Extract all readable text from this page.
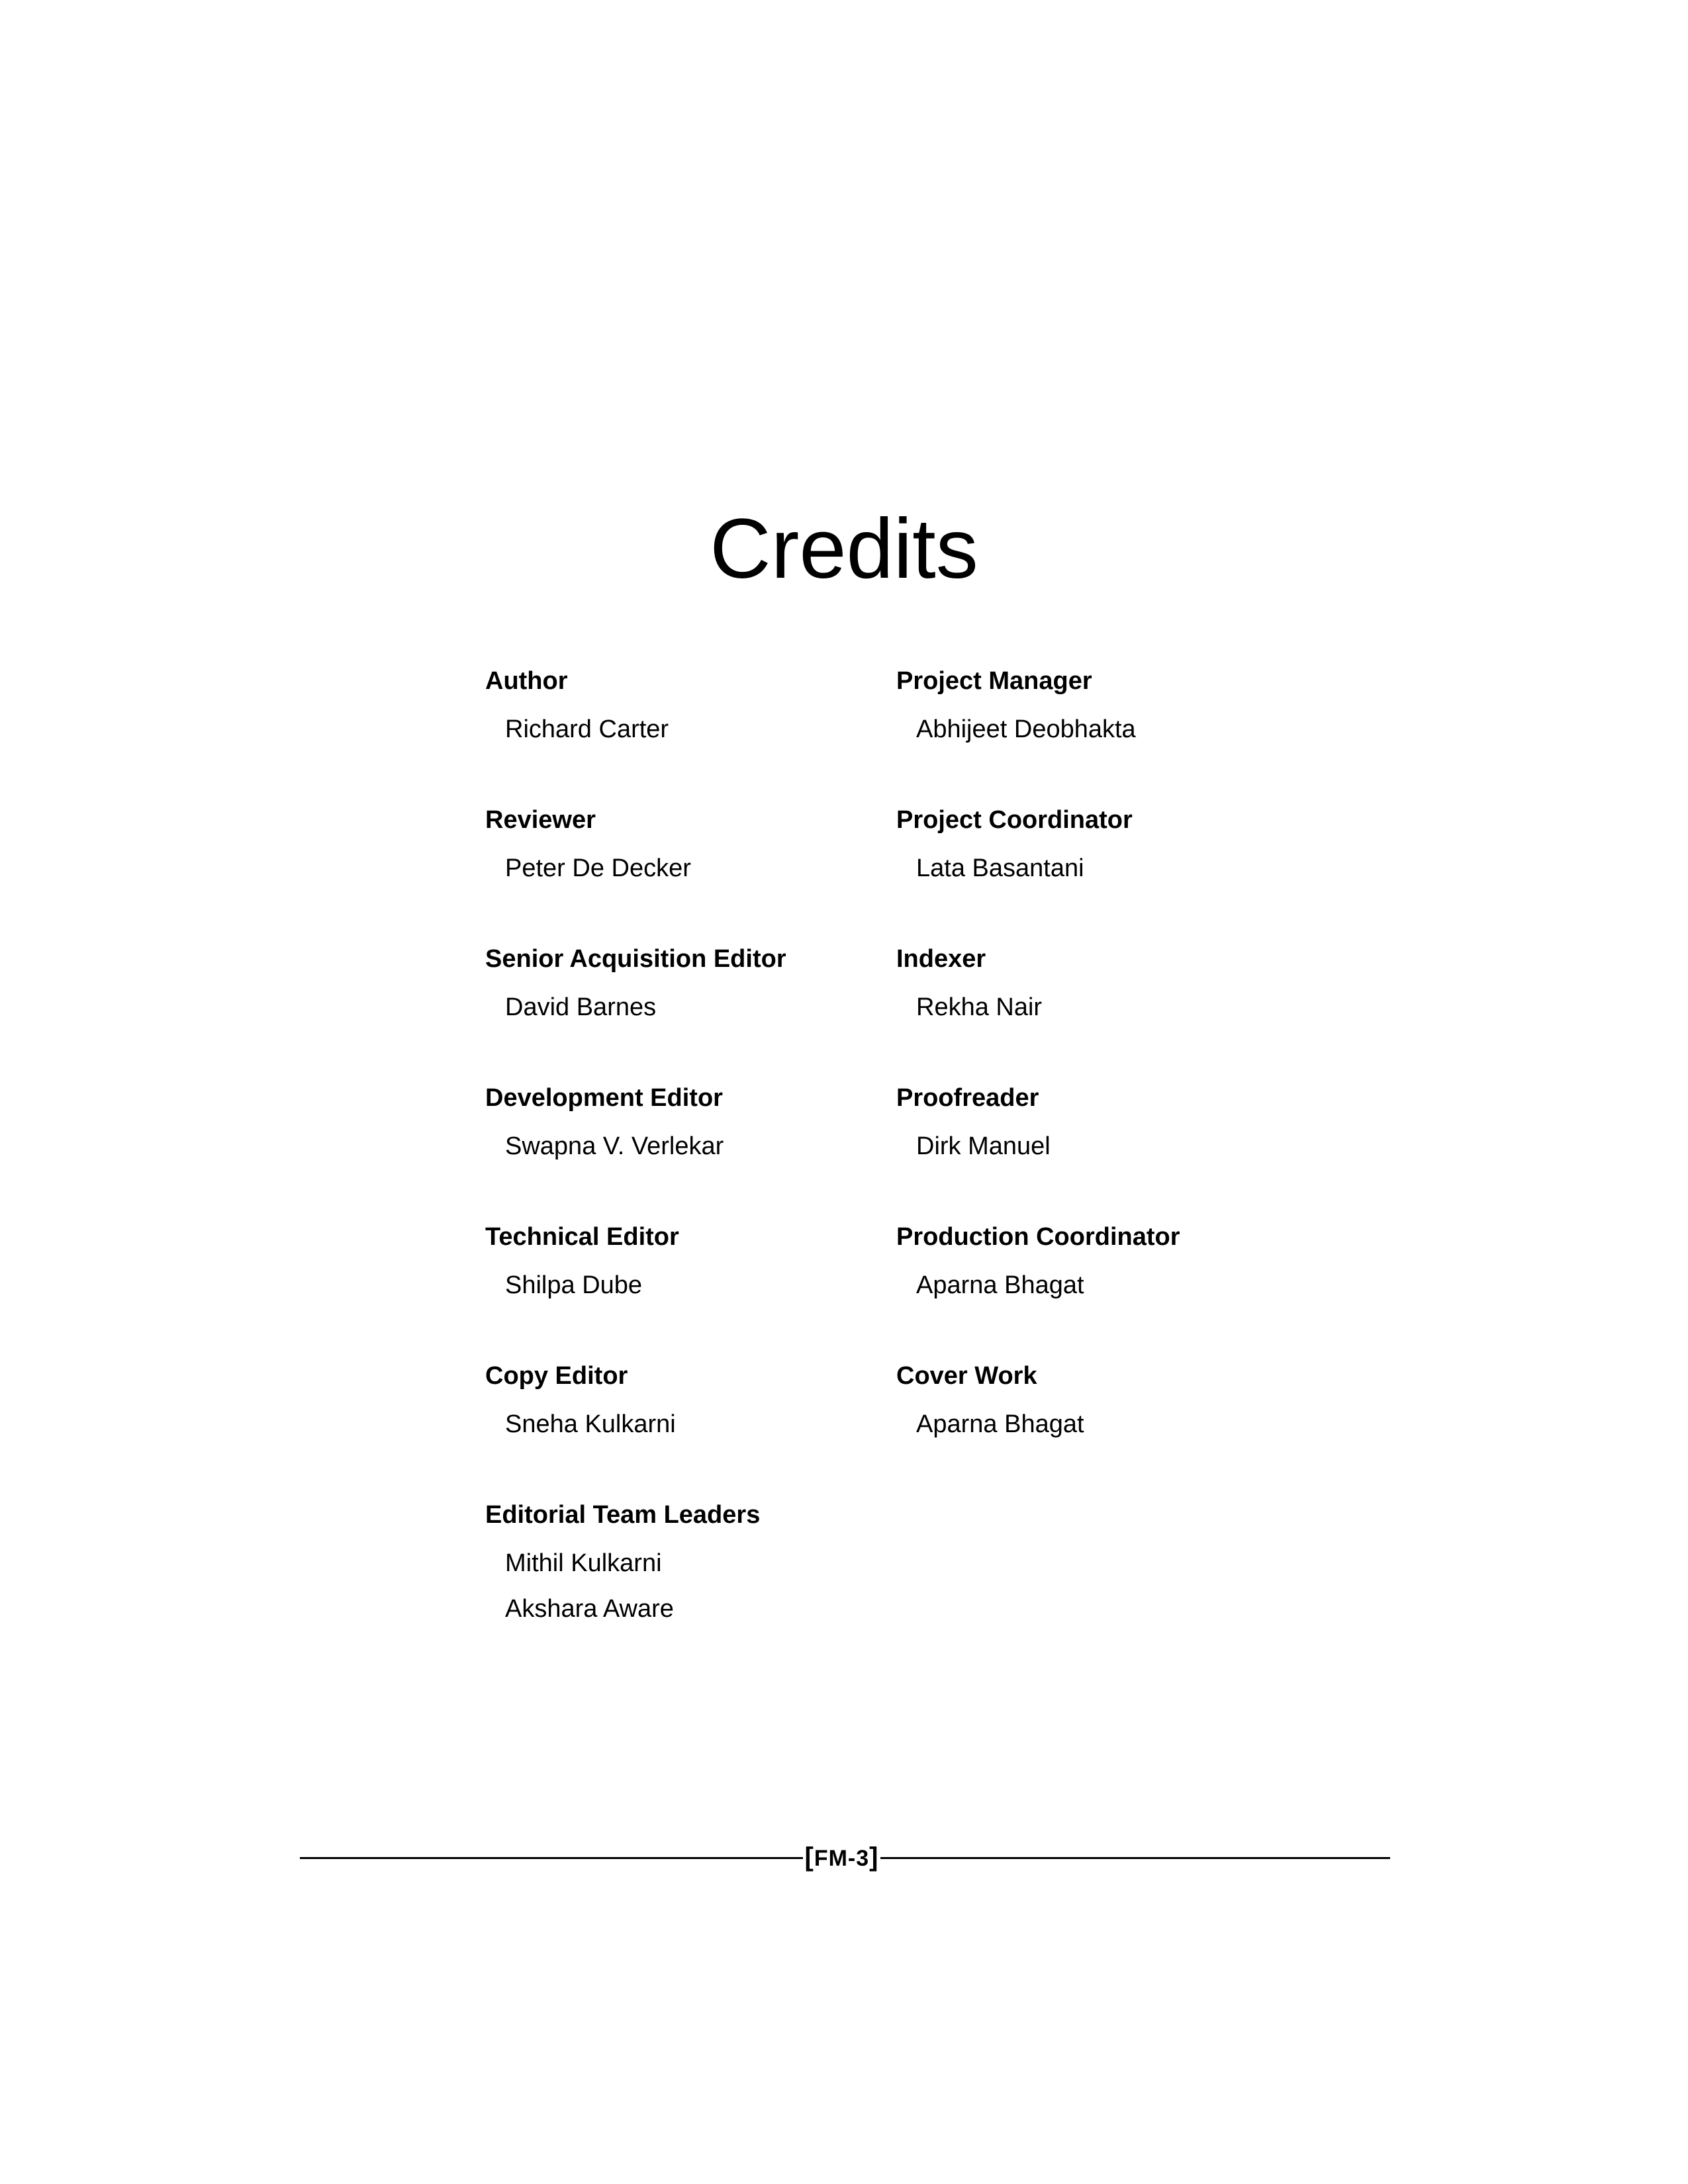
Credits
Author
Richard Carter
Reviewer
Peter De Decker
Senior Acquisition Editor
David Barnes
Development Editor
Swapna V. Verlekar
Technical Editor
Shilpa Dube
Copy Editor
Sneha Kulkarni
Editorial Team Leaders
Mithil Kulkarni
Akshara Aware
Project Manager
Abhijeet Deobhakta
Project Coordinator
Lata Basantani
Indexer
Rekha Nair
Proofreader
Dirk Manuel
Production Coordinator
Aparna Bhagat
Cover Work
Aparna Bhagat
[FM-3]
